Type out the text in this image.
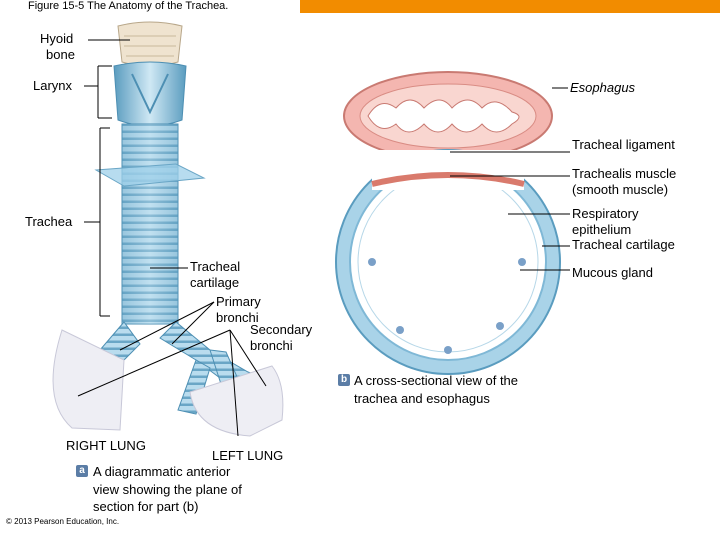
Figure 15-5 The Anatomy of the Trachea.
Hyoid
bone
Larynx
Trachea
Tracheal
cartilage
Primary
bronchi
Secondary
bronchi
RIGHT LUNG
LEFT LUNG
Esophagus
Tracheal ligament
Trachealis muscle
(smooth muscle)
Respiratory
epithelium
Tracheal cartilage
Mucous gland
b A cross-sectional view of the
trachea and esophagus
a A diagrammatic anterior
view showing the plane of
section for part (b)
© 2013 Pearson Education, Inc.
